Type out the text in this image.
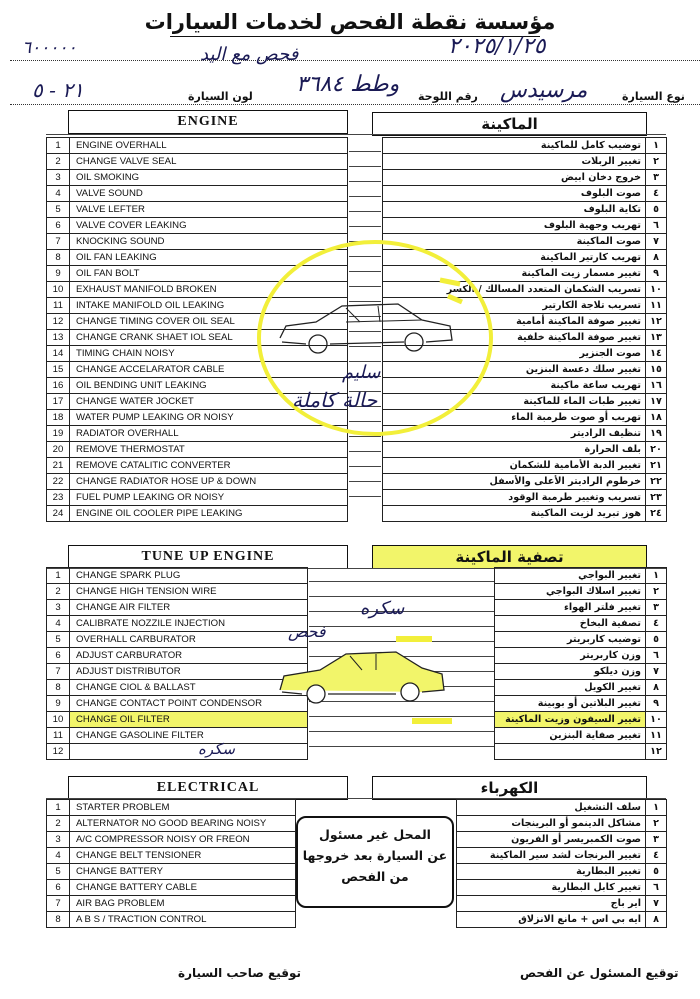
مؤسسة نقطة الفحص لخدمات السيارات
٦٠٠٠٠٠	٢٠٢٥/١/٢٥
فحص مع اليد
نوع السيارة
مرسيدس
رقم اللوحة
وطط ٣٦٨٤
لون السيارة
٢١ - ٥
ENGINE	الماكينة
1	ENGINE OVERHALL
2	CHANGE VALVE SEAL
3	OIL SMOKING
4	VALVE SOUND
5	VALVE LEFTER
6	VALVE COVER LEAKING
7	KNOCKING SOUND
8	OIL FAN LEAKING
9	OIL FAN BOLT
10	EXHAUST MANIFOLD BROKEN
11	INTAKE MANIFOLD OIL LEAKING
12	CHANGE TIMING COVER OIL SEAL
13	CHANGE CRANK SHAET IOL SEAL
14	TIMING CHAIN NOISY
15	CHANGE ACCELARATOR CABLE
16	OIL BENDING UNIT LEAKING
17	CHANGE WATER JOCKET
18	WATER PUMP LEAKING OR NOISY
19	RADIATOR OVERHALL
20	REMOVE THERMOSTAT
21	REMOVE CATALITIC CONVERTER
22	CHANGE RADIATOR HOSE UP & DOWN
23	FUEL PUMP LEAKING OR NOISY
24	ENGINE OIL COOLER PIPE LEAKING
١	توضيب كامل للماكينة
٢	تغيير الربلات
٣	خروج دخان ابيض
٤	صوت البلوف
٥	تكاية البلوف
٦	تهريب وجهية البلوف
٧	صوت الماكينة
٨	تهريب كارتير الماكينة
٩	تغيير مسمار زيت الماكينة
١٠	تسريب الشكمان المتعدد المسالك / الكسر
١١	تسريب تلاجة الكارتير
١٢	تغيير صوفة الماكينة أمامية
١٣	تغيير صوفة الماكينة خلفية
١٤	صوت الجنزير
١٥	تغيير سلك دعسة البنزين
١٦	تهريب ساعة ماكينة
١٧	تغيير طبات الماء للماكينة
١٨	تهريب أو صوت طرمبة الماء
١٩	تنظيف الراديتر
٢٠	بلف الحرارة
٢١	تغيير الدبة الأمامية للشكمان
٢٢	خرطوم الراديتر الأعلى والأسفل
٢٣	تسريب وتغيير طرمبة الوقود
٢٤	هوز تبريد لزيت الماكينة
سليم
حالة كاملة
TUNE UP ENGINE	تصفية الماكينة
1	CHANGE SPARK PLUG
2	CHANGE HIGH TENSION WIRE
3	CHANGE AIR FILTER
4	CALIBRATE NOZZILE INJECTION
5	OVERHALL CARBURATOR
6	ADJUST CARBURATOR
7	ADJUST DISTRIBUTOR
8	CHANGE CIOL & BALLAST
9	CHANGE CONTACT POINT CONDENSOR
10	CHANGE OIL FILTER
11	CHANGE GASOLINE FILTER
12	
١	تغيير البواجي
٢	تغيير اسلاك البواجي
٣	تغيير فلتر الهواء
٤	تصفية البخاخ
٥	توضيب كاربريتر
٦	وزن كاربريتر
٧	وزن ديلكو
٨	تغيير الكويل
٩	تغيير البلاتين أو بوبينة
١٠	تغيير السيفون وزيت الماكينة
١١	تغيير صفاية البنزين
١٢	
سكره
فحص
سكره
ELECTRICAL	الكهرباء
1	STARTER PROBLEM
2	ALTERNATOR NO GOOD BEARING NOISY
3	A/C COMPRESSOR NOISY OR FREON
4	CHANGE BELT TENSIONER
5	CHANGE BATTERY
6	CHANGE BATTERY CABLE
7	AIR BAG PROBLEM
8	A B S / TRACTION CONTROL
١	سلف التشغيل
٢	مشاكل الدينمو أو البرينجات
٣	صوت الكمبريسر أو الفريون
٤	تغيير البرنجات لشد سير الماكينة
٥	تغيير البطارية
٦	تغيير كابل البطارية
٧	اير باج
٨	ايه بي اس + مانع الانزلاق
المحل غير مسئول
عن السيارة بعد خروجها
من الفحص
توقيع صاحب السيارة	توقيع المسئول عن الفحص
